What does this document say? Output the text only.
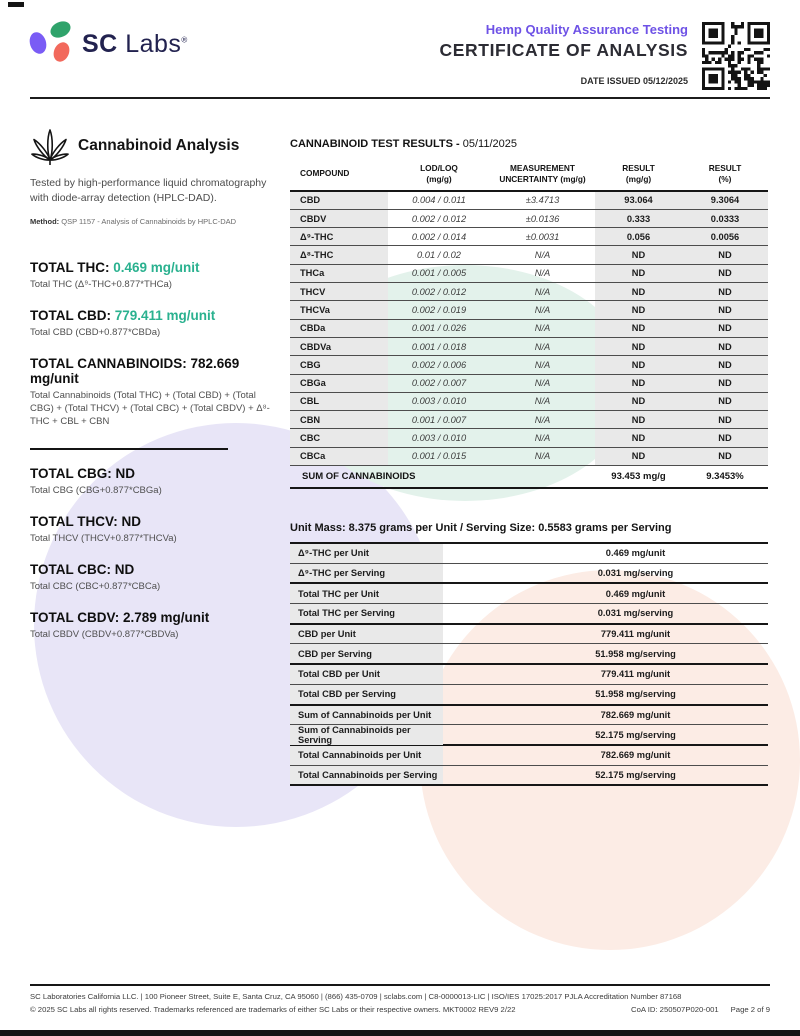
SC Labs®
Hemp Quality Assurance Testing
CERTIFICATE OF ANALYSIS
DATE ISSUED 05/12/2025
Cannabinoid Analysis
Tested by high-performance liquid chromatography with diode-array detection (HPLC-DAD).
Method: QSP 1157 - Analysis of Cannabinoids by HPLC-DAD
TOTAL THC: 0.469 mg/unit
Total THC (Δ⁹-THC+0.877*THCa)
TOTAL CBD: 779.411 mg/unit
Total CBD (CBD+0.877*CBDa)
TOTAL CANNABINOIDS: 782.669 mg/unit
Total Cannabinoids (Total THC) + (Total CBD) + (Total CBG) + (Total THCV) + (Total CBC) + (Total CBDV) + Δ⁸-THC + CBL + CBN
TOTAL CBG: ND
Total CBG (CBG+0.877*CBGa)
TOTAL THCV: ND
Total THCV (THCV+0.877*THCVa)
TOTAL CBC: ND
Total CBC (CBC+0.877*CBCa)
TOTAL CBDV: 2.789 mg/unit
Total CBDV (CBDV+0.877*CBDVa)
CANNABINOID TEST RESULTS - 05/11/2025
COMPOUND
LOD/LOQ
(mg/g)
MEASUREMENT
UNCERTAINTY (mg/g)
RESULT
(mg/g)
RESULT
(%)
CBD	0.004 / 0.011	±3.4713	93.064	9.3064
CBDV	0.002 / 0.012	±0.0136	0.333	0.0333
Δ⁹-THC	0.002 / 0.014	±0.0031	0.056	0.0056
Δ⁸-THC	0.01 / 0.02	N/A	ND	ND
THCa	0.001 / 0.005	N/A	ND	ND
THCV	0.002 / 0.012	N/A	ND	ND
THCVa	0.002 / 0.019	N/A	ND	ND
CBDa	0.001 / 0.026	N/A	ND	ND
CBDVa	0.001 / 0.018	N/A	ND	ND
CBG	0.002 / 0.006	N/A	ND	ND
CBGa	0.002 / 0.007	N/A	ND	ND
CBL	0.003 / 0.010	N/A	ND	ND
CBN	0.001 / 0.007	N/A	ND	ND
CBC	0.003 / 0.010	N/A	ND	ND
CBCa	0.001 / 0.015	N/A	ND	ND
SUM OF CANNABINOIDS	93.453 mg/g	9.3453%
Unit Mass: 8.375 grams per Unit / Serving Size: 0.5583 grams per Serving
Δ⁹-THC per Unit	0.469 mg/unit
Δ⁹-THC per Serving	0.031 mg/serving
Total THC per Unit	0.469 mg/unit
Total THC per Serving	0.031 mg/serving
CBD per Unit	779.411 mg/unit
CBD per Serving	51.958 mg/serving
Total CBD per Unit	779.411 mg/unit
Total CBD per Serving	51.958 mg/serving
Sum of Cannabinoids per Unit	782.669 mg/unit
Sum of Cannabinoids per Serving	52.175 mg/serving
Total Cannabinoids per Unit	782.669 mg/unit
Total Cannabinoids per Serving	52.175 mg/serving
SC Laboratories California LLC. | 100 Pioneer Street, Suite E, Santa Cruz, CA 95060 | (866) 435-0709 | sclabs.com | C8-0000013-LIC | ISO/IES 17025:2017 PJLA Accreditation Number 87168
© 2025 SC Labs all rights reserved. Trademarks referenced are trademarks of either SC Labs or their respective owners. MKT0002 REV9 2/22	CoA ID: 250507P020-001 Page 2 of 9
